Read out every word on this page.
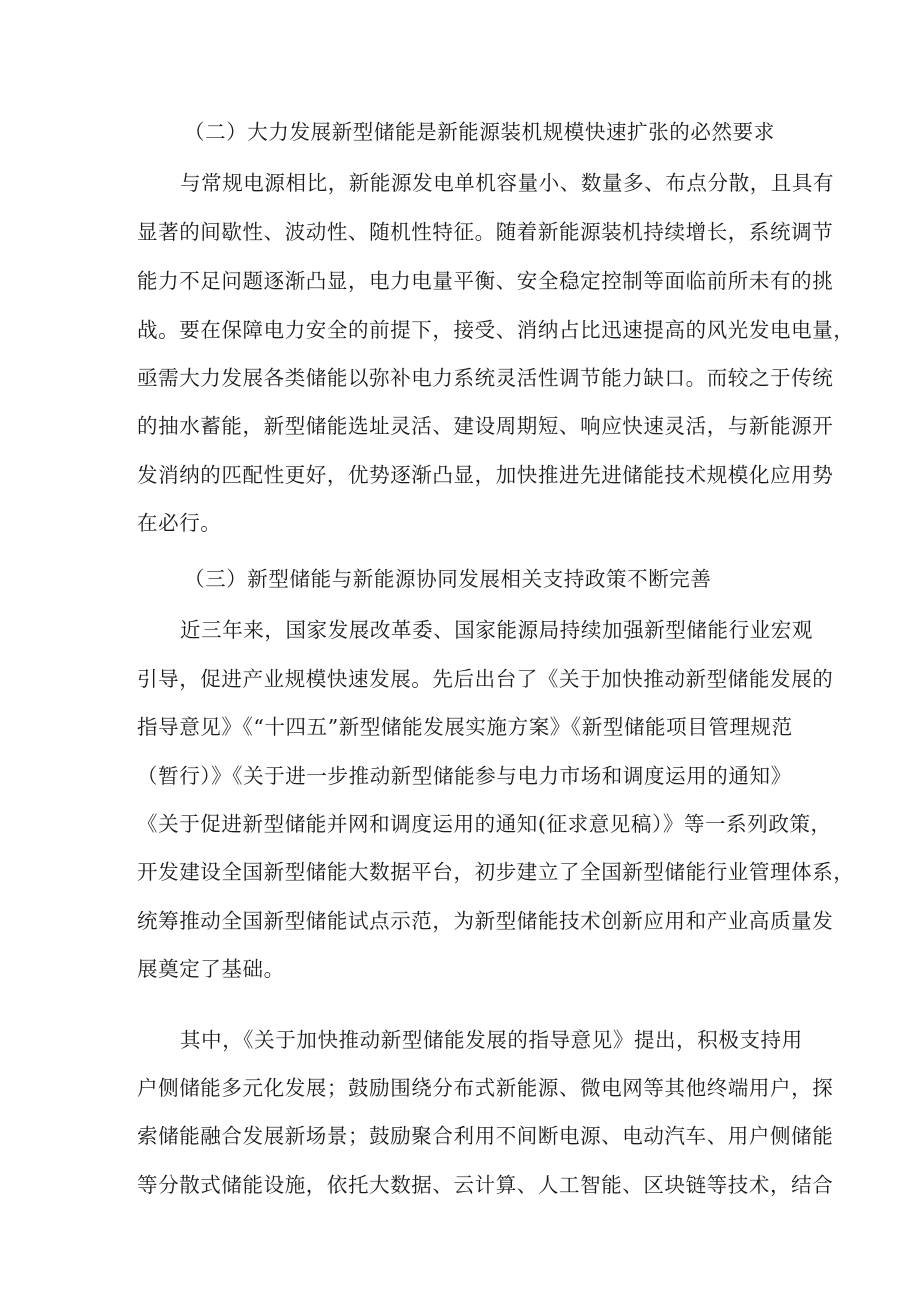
（二）大力发展新型储能是新能源装机规模快速扩张的必然要求
与常规电源相比，新能源发电单机容量小、数量多、布点分散，且具有
显著的间歇性、波动性、随机性特征。随着新能源装机持续增长，系统调节
能力不足问题逐渐凸显，电力电量平衡、安全稳定控制等面临前所未有的挑
战。要在保障电力安全的前提下，接受、消纳占比迅速提高的风光发电电量，
亟需大力发展各类储能以弥补电力系统灵活性调节能力缺口。而较之于传统
的抽水蓄能，新型储能选址灵活、建设周期短、响应快速灵活，与新能源开
发消纳的匹配性更好，优势逐渐凸显，加快推进先进储能技术规模化应用势
在必行。
（三）新型储能与新能源协同发展相关支持政策不断完善
近三年来，国家发展改革委、国家能源局持续加强新型储能行业宏观
引导，促进产业规模快速发展。先后出台了《关于加快推动新型储能发展的
指导意见》《“十四五”新型储能发展实施方案》《新型储能项目管理规范
（暂行）》《关于进一步推动新型储能参与电力市场和调度运用的通知》
《关于促进新型储能并网和调度运用的通知(征求意见稿）》等一系列政策，
开发建设全国新型储能大数据平台，初步建立了全国新型储能行业管理体系，
统筹推动全国新型储能试点示范，为新型储能技术创新应用和产业高质量发
展奠定了基础。
其中，《关于加快推动新型储能发展的指导意见》提出，积极支持用
户侧储能多元化发展；鼓励围绕分布式新能源、微电网等其他终端用户，探
索储能融合发展新场景；鼓励聚合利用不间断电源、电动汽车、用户侧储能
等分散式储能设施，依托大数据、云计算、人工智能、区块链等技术，结合
